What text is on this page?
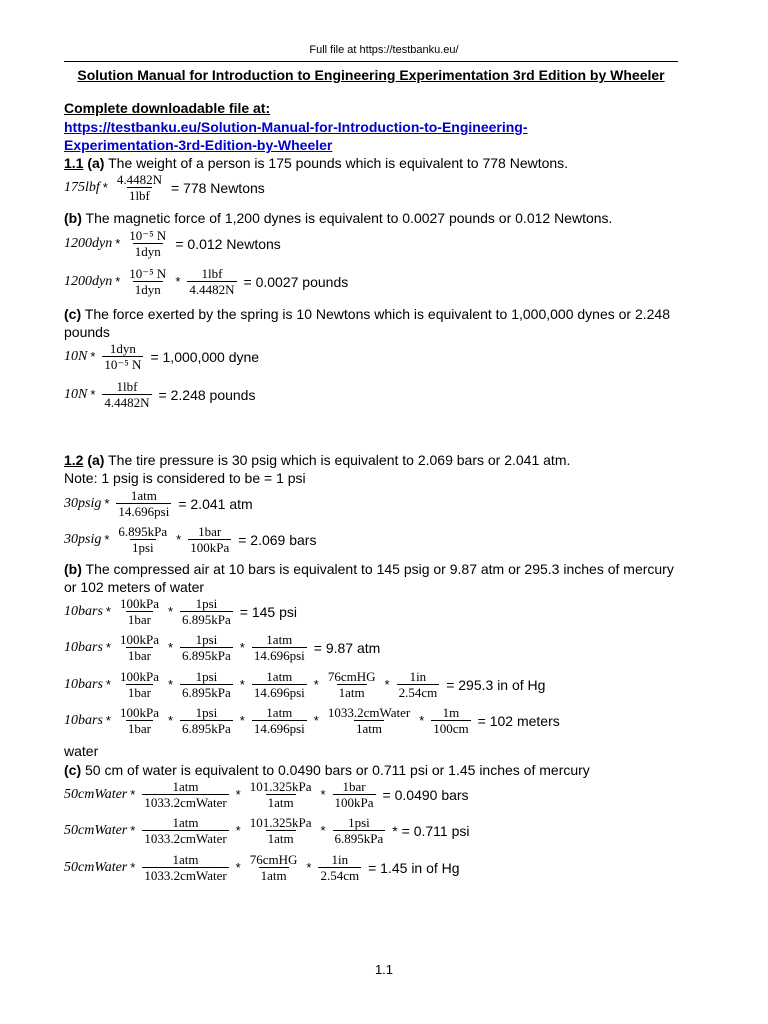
Full file at https://testbanku.eu/
Solution Manual for Introduction to Engineering Experimentation 3rd Edition by Wheeler
Complete downloadable file at:
https://testbanku.eu/Solution-Manual-for-Introduction-to-Engineering-
Experimentation-3rd-Edition-by-Wheeler
1.1 (a) The weight of a person is 175 pounds which is equivalent to 778 Newtons.
$175lbf * \frac{4.4482N}{\text{1lbf}} = 778$ Newtons
(b) The magnetic force of 1,200 dynes is equivalent to 0.0027 pounds or 0.012 Newtons.
$1200dyn * \frac{\text{10⁻⁵ N}}{\text{1dyn}} = 0.012$ Newtons
$1200dyn * \frac{\text{10⁻⁵ N}}{\text{1dyn}} * \frac{\text{1lbf}}{4.4482N} = 0.0027$ pounds
(c) The force exerted by the spring is 10 Newtons which is equivalent to 1,000,000 dynes or 2.248 pounds
$10N * \frac{\text{1dyn}}{\text{10⁻⁵ N}} = 1,000,000$ dyne
$10N * \frac{\text{1lbf}}{4.4482N} = 2.248$ pounds
1.2 (a) The tire pressure is 30 psig which is equivalent to 2.069 bars or 2.041 atm.
Note: 1 psig is considered to be = 1 psi
30psig * $\frac{\text{1atm}}{\text{14.696psi}} = 2.041$ atm
30psig * $\frac{\text{6.895kPa}}{\text{1psi}} * \frac{\text{1bar}}{\text{100kPa}} = 2.069$ bars
(b) The compressed air at 10 bars is equivalent to 145 psig or 9.87 atm or 295.3 inches of mercury or 102 meters of water
10bars * $\frac{\text{100kPa}}{\text{1bar}} * \frac{\text{1psi}}{\text{6.895kPa}} = 145$ psi
10bars * $\frac{\text{100kPa}}{\text{1bar}} * \frac{\text{1psi}}{\text{6.895kPa}} * \frac{\text{1atm}}{\text{14.696psi}} = 9.87$ atm
10bars * $\frac{\text{100kPa}}{\text{1bar}} * \frac{\text{1psi}}{\text{6.895kPa}} * \frac{\text{1atm}}{\text{14.696psi}} * \frac{\text{76cmHG}}{\text{1atm}} * \frac{1in}{2.54cm} = 295.3$ in of Hg
10bars * $\frac{\text{100kPa}}{\text{1bar}} * \frac{\text{1psi}}{\text{6.895kPa}} * \frac{\text{1atm}}{\text{14.696psi}} * \frac{\text{1033.2cmWater}}{\text{1atm}} * \frac{1m}{100cm} = 102$ meters
water
(c) 50 cm of water is equivalent to 0.0490 bars or 0.711 psi or 1.45 inches of mercury
50cmWater * $\frac{\text{1atm}}{\text{1033.2cmWater}} * \frac{\text{101.325kPa}}{\text{1atm}} * \frac{\text{1bar}}{\text{100kPa}} = 0.0490$ bars
50cmWater * $\frac{\text{1atm}}{\text{1033.2cmWater}} * \frac{\text{101.325kPa}}{\text{1atm}} * \frac{\text{1psi}}{\text{6.895kPa}}$ * = 0.711 psi
50cmWater * $\frac{\text{1atm}}{\text{1033.2cmWater}} * \frac{\text{76cmHG}}{\text{1atm}} * \frac{1in}{2.54cm} = 1.45$ in of Hg
1.1
